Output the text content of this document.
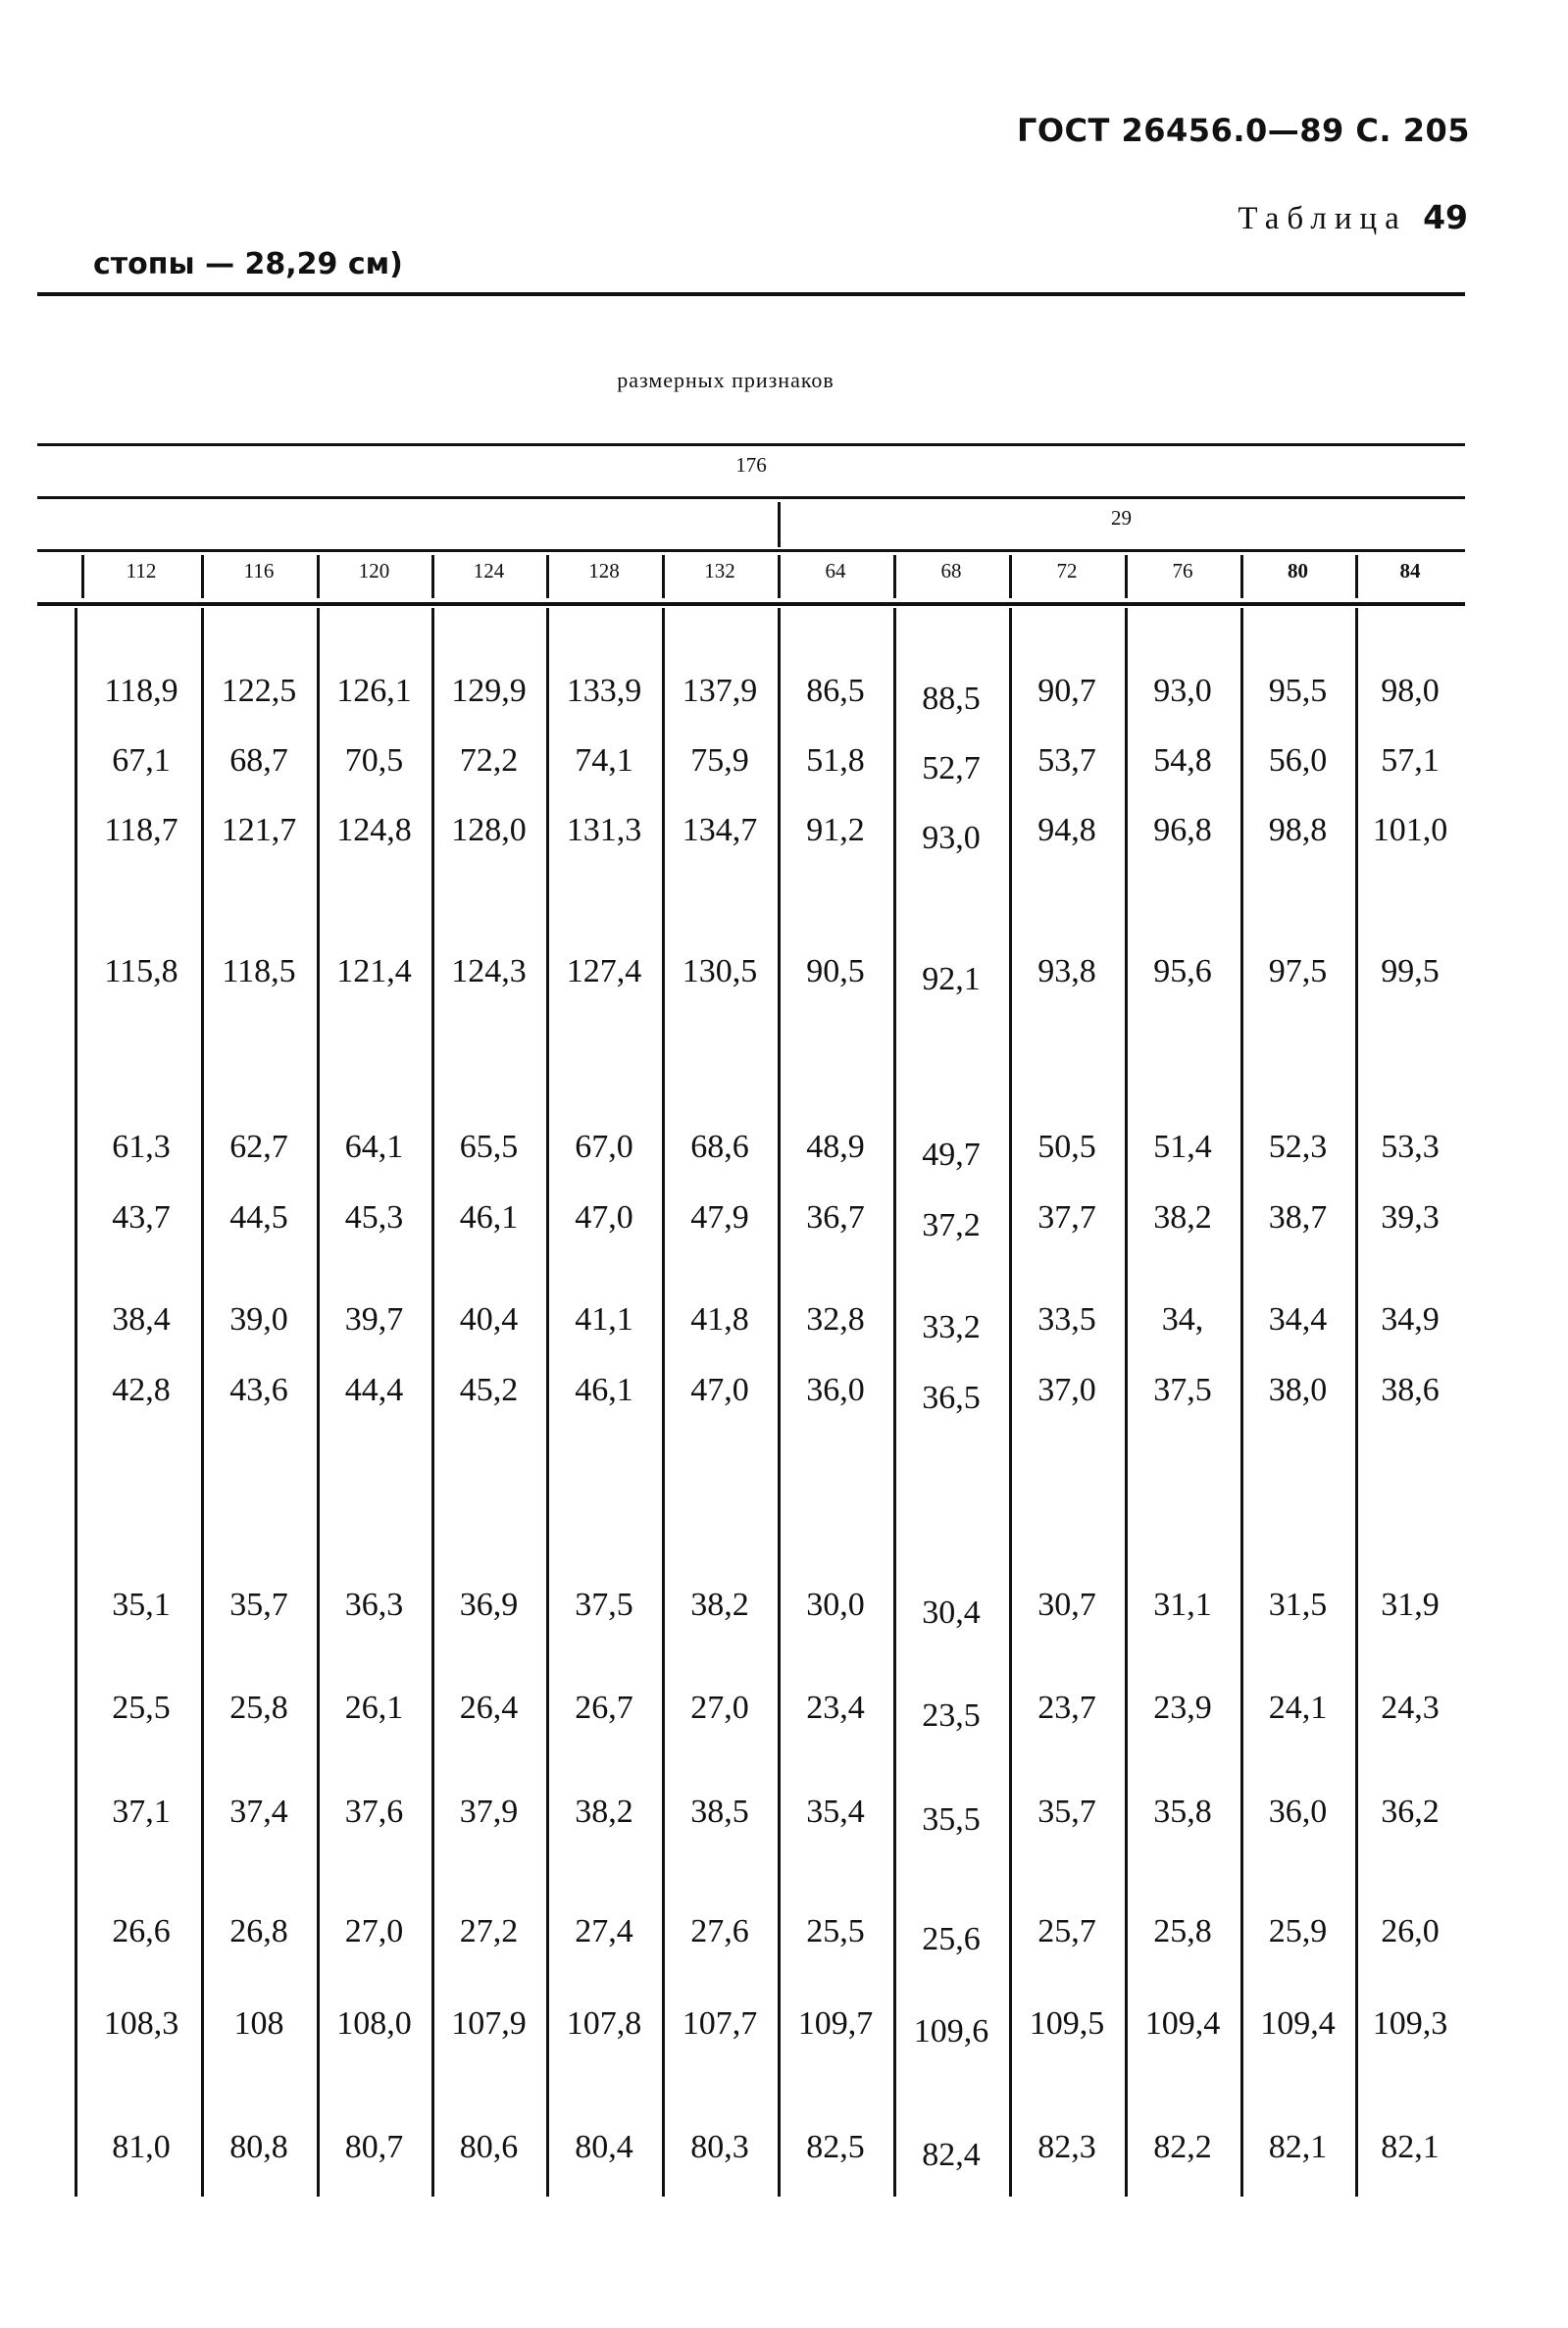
ГОСТ 26456.0—89 С. 205
Таблица 49
стопы — 28,29 см)
размерных признаков
176
29
112	116	120	124	128	132	64	68	72	76	80	84
118,9	122,5	126,1	129,9	133,9	137,9	86,5	88,5	90,7	93,0	95,5	98,0
67,1	68,7	70,5	72,2	74,1	75,9	51,8	52,7	53,7	54,8	56,0	57,1
118,7	121,7	124,8	128,0	131,3	134,7	91,2	93,0	94,8	96,8	98,8	101,0
115,8	118,5	121,4	124,3	127,4	130,5	90,5	92,1	93,8	95,6	97,5	99,5
61,3	62,7	64,1	65,5	67,0	68,6	48,9	49,7	50,5	51,4	52,3	53,3
43,7	44,5	45,3	46,1	47,0	47,9	36,7	37,2	37,7	38,2	38,7	39,3
38,4	39,0	39,7	40,4	41,1	41,8	32,8	33,2	33,5	34,	34,4	34,9
42,8	43,6	44,4	45,2	46,1	47,0	36,0	36,5	37,0	37,5	38,0	38,6
35,1	35,7	36,3	36,9	37,5	38,2	30,0	30,4	30,7	31,1	31,5	31,9
25,5	25,8	26,1	26,4	26,7	27,0	23,4	23,5	23,7	23,9	24,1	24,3
37,1	37,4	37,6	37,9	38,2	38,5	35,4	35,5	35,7	35,8	36,0	36,2
26,6	26,8	27,0	27,2	27,4	27,6	25,5	25,6	25,7	25,8	25,9	26,0
108,3	108	108,0	107,9	107,8	107,7	109,7	109,6	109,5	109,4	109,4	109,3
81,0	80,8	80,7	80,6	80,4	80,3	82,5	82,4	82,3	82,2	82,1	82,1
